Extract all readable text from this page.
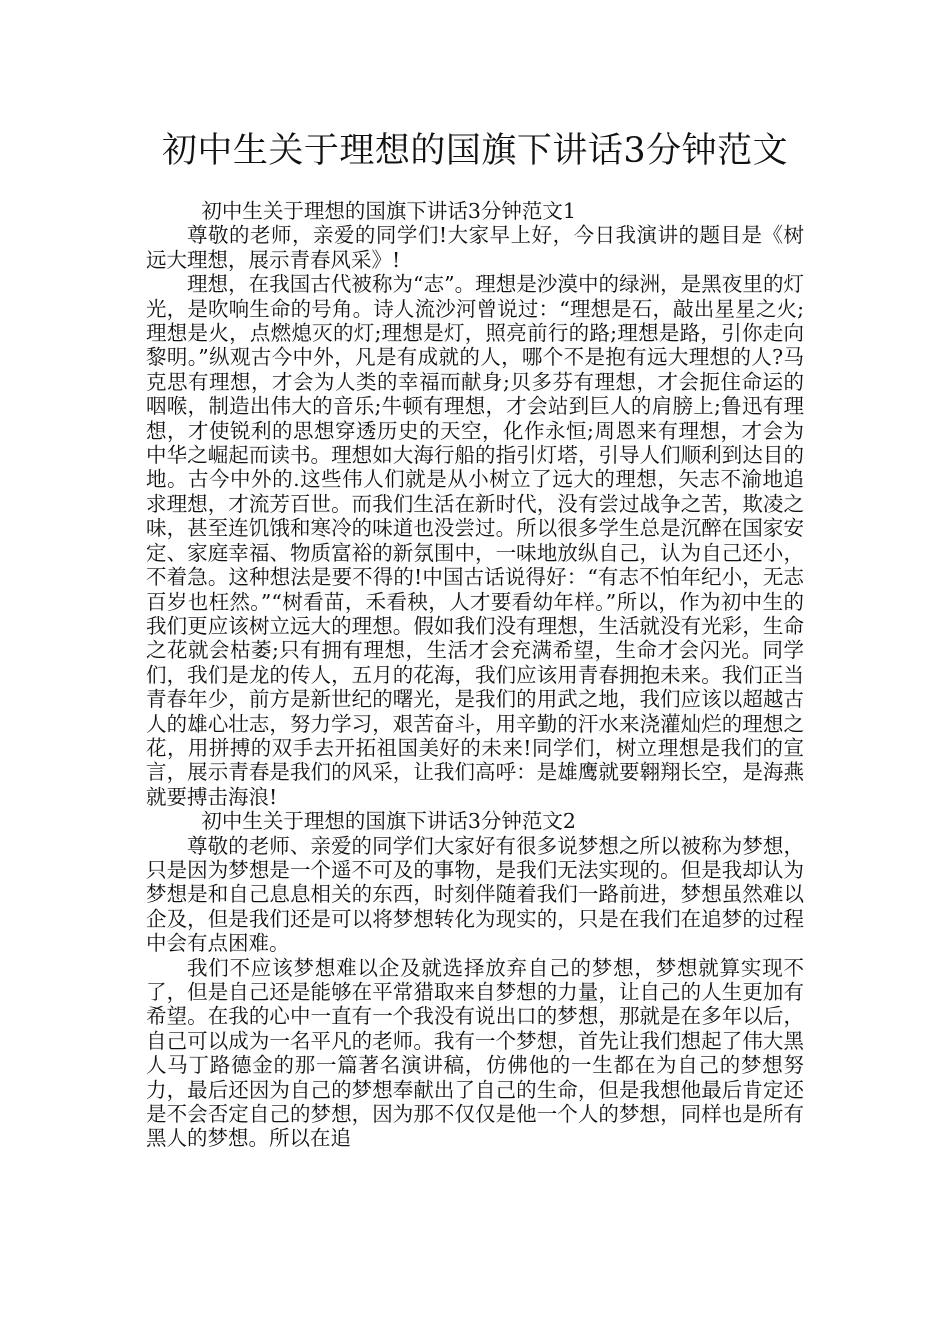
初中生关于理想的国旗下讲话3分钟范文

初中生关于理想的国旗下讲话3分钟范文1

尊敬的老师，亲爱的同学们!大家早上好，今日我演讲的题目是《树远大理想，展示青春风采》!

理想，在我国古代被称为“志”。理想是沙漠中的绿洲，是黑夜里的灯光，是吹响生命的号角。诗人流沙河曾说过：“理想是石，敲出星星之火;理想是火，点燃熄灭的灯;理想是灯，照亮前行的路;理想是路，引你走向黎明。”纵观古今中外，凡是有成就的人，哪个不是抱有远大理想的人?马克思有理想，才会为人类的幸福而献身;贝多芬有理想，才会扼住命运的咽喉，制造出伟大的音乐;牛顿有理想，才会站到巨人的肩膀上;鲁迅有理想，才使锐利的思想穿透历史的天空，化作永恒;周恩来有理想，才会为中华之崛起而读书。理想如大海行船的指引灯塔，引导人们顺利到达目的地。古今中外的.这些伟人们就是从小树立了远大的理想，矢志不渝地追求理想，才流芳百世。而我们生活在新时代，没有尝过战争之苦，欺凌之味，甚至连饥饿和寒冷的味道也没尝过。所以很多学生总是沉醉在国家安定、家庭幸福、物质富裕的新氛围中，一味地放纵自己，认为自己还小，不着急。这种想法是要不得的!中国古话说得好：“有志不怕年纪小，无志百岁也枉然。”“树看苗，禾看秧，人才要看幼年样。”所以，作为初中生的我们更应该树立远大的理想。假如我们没有理想，生活就没有光彩，生命之花就会枯萎;只有拥有理想，生活才会充满希望，生命才会闪光。同学们，我们是龙的传人，五月的花海，我们应该用青春拥抱未来。我们正当青春年少，前方是新世纪的曙光，是我们的用武之地，我们应该以超越古人的雄心壮志，努力学习，艰苦奋斗，用辛勤的汗水来浇灌灿烂的理想之花，用拼搏的双手去开拓祖国美好的未来!同学们，树立理想是我们的宣言，展示青春是我们的风采，让我们高呼：是雄鹰就要翱翔长空，是海燕就要搏击海浪!

初中生关于理想的国旗下讲话3分钟范文2

尊敬的老师、亲爱的同学们大家好有很多说梦想之所以被称为梦想，只是因为梦想是一个遥不可及的事物，是我们无法实现的。但是我却认为梦想是和自己息息相关的东西，时刻伴随着我们一路前进，梦想虽然难以企及，但是我们还是可以将梦想转化为现实的，只是在我们在追梦的过程中会有点困难。

我们不应该梦想难以企及就选择放弃自己的梦想，梦想就算实现不了，但是自己还是能够在平常猎取来自梦想的力量，让自己的人生更加有希望。在我的心中一直有一个我没有说出口的梦想，那就是在多年以后，自己可以成为一名平凡的老师。我有一个梦想，首先让我们想起了伟大黑人马丁路德金的那一篇著名演讲稿，仿佛他的一生都在为自己的梦想努力，最后还因为自己的梦想奉献出了自己的生命，但是我想他最后肯定还是不会否定自己的梦想，因为那不仅仅是他一个人的梦想，同样也是所有黑人的梦想。所以在追
